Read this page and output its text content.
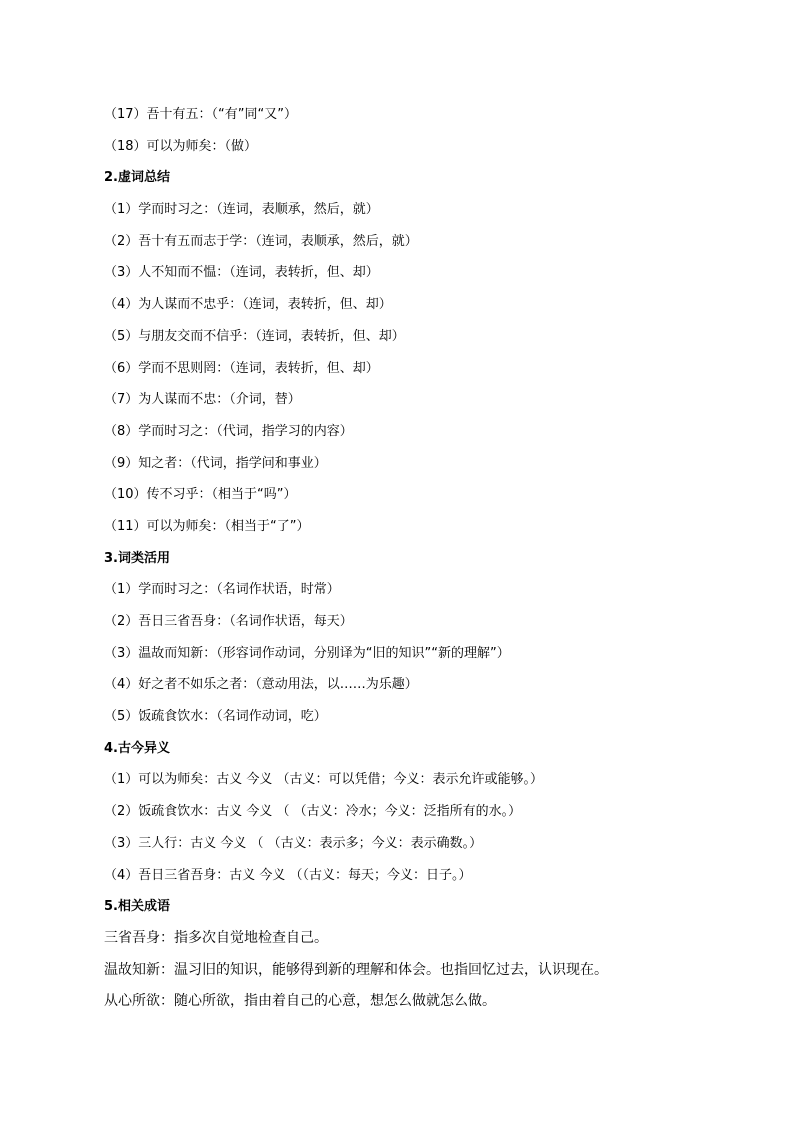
（17）吾十有五：（“有”同“又”）
（18）可以为师矣：（做）
2.虚词总结
（1）学而时习之：（连词，表顺承，然后，就）
（2）吾十有五而志于学：（连词，表顺承，然后，就）
（3）人不知而不愠：（连词，表转折，但、却）
（4）为人谋而不忠乎：（连词，表转折，但、却）
（5）与朋友交而不信乎：（连词，表转折，但、却）
（6）学而不思则罔：（连词，表转折，但、却）
（7）为人谋而不忠：（介词，替）
（8）学而时习之：（代词，指学习的内容）
（9）知之者：（代词，指学问和事业）
（10）传不习乎：（相当于“吗”）
（11）可以为师矣：（相当于“了”）
3.词类活用
（1）学而时习之：（名词作状语，时常）
（2）吾日三省吾身：（名词作状语，每天）
（3）温故而知新：（形容词作动词，分别译为“旧的知识”“新的理解”）
（4）好之者不如乐之者：（意动用法，以……为乐趣）
（5）饭疏食饮水：（名词作动词，吃）
4.古今异义
（1）可以为师矣：古义 今义 （古义：可以凭借；今义：表示允许或能够。）
（2）饭疏食饮水：古义 今义 （ （古义：冷水；今义：泛指所有的水。）
（3）三人行：古义 今义 （ （古义：表示多；今义：表示确数。）
（4）吾日三省吾身：古义 今义 （（古义：每天；今义：日子。）
5.相关成语
三省吾身：指多次自觉地检查自己。
温故知新：温习旧的知识，能够得到新的理解和体会。也指回忆过去，认识现在。
从心所欲：随心所欲，指由着自己的心意，想怎么做就怎么做。
